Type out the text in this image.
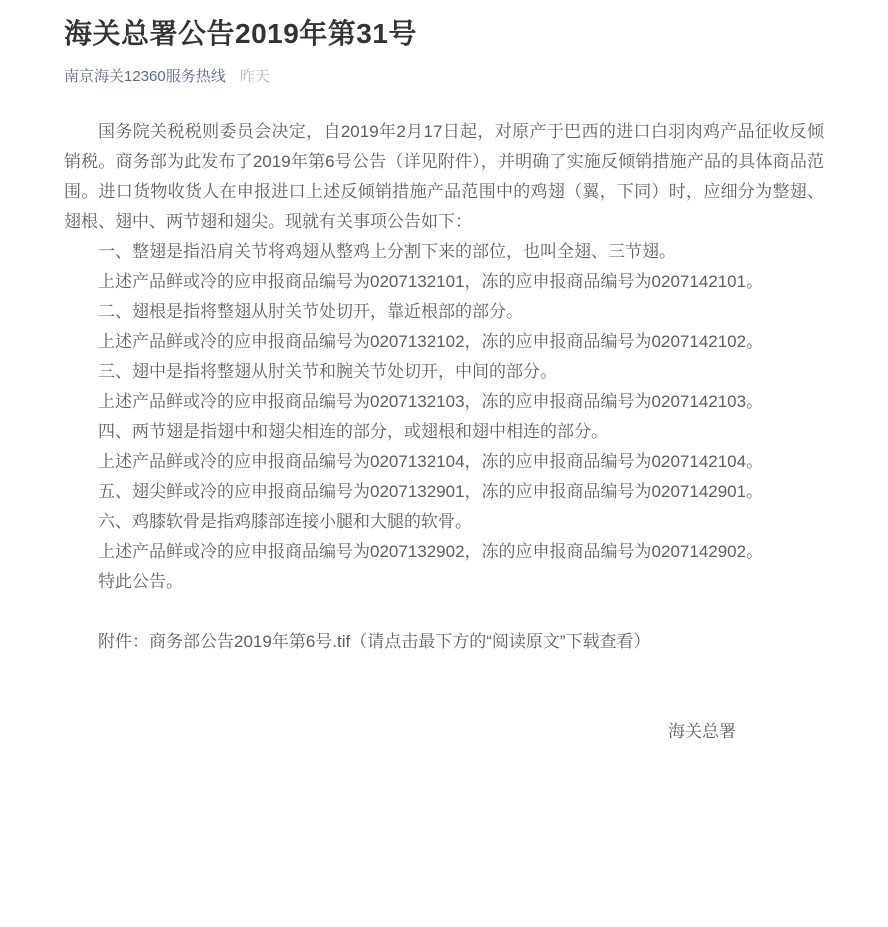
海关总署公告2019年第31号
南京海关12360服务热线 昨天

国务院关税税则委员会决定，自2019年2月17日起，对原产于巴西的进口白羽肉鸡产品征收反倾销税。商务部为此发布了2019年第6号公告（详见附件），并明确了实施反倾销措施产品的具体商品范围。进口货物收货人在申报进口上述反倾销措施产品范围中的鸡翅（翼，下同）时，应细分为整翅、翅根、翅中、两节翅和翅尖。现就有关事项公告如下：

一、整翅是指沿肩关节将鸡翅从整鸡上分割下来的部位，也叫全翅、三节翅。

上述产品鲜或冷的应申报商品编号为0207132101，冻的应申报商品编号为0207142101。

二、翅根是指将整翅从肘关节处切开，靠近根部的部分。

上述产品鲜或冷的应申报商品编号为0207132102，冻的应申报商品编号为0207142102。

三、翅中是指将整翅从肘关节和腕关节处切开，中间的部分。

上述产品鲜或冷的应申报商品编号为0207132103，冻的应申报商品编号为0207142103。

四、两节翅是指翅中和翅尖相连的部分，或翅根和翅中相连的部分。

上述产品鲜或冷的应申报商品编号为0207132104，冻的应申报商品编号为0207142104。

五、翅尖鲜或冷的应申报商品编号为0207132901，冻的应申报商品编号为0207142901。

六、鸡膝软骨是指鸡膝部连接小腿和大腿的软骨。

上述产品鲜或冷的应申报商品编号为0207132902，冻的应申报商品编号为0207142902。

特此公告。

附件：商务部公告2019年第6号.tif（请点击最下方的“阅读原文”下载查看）

海关总署
